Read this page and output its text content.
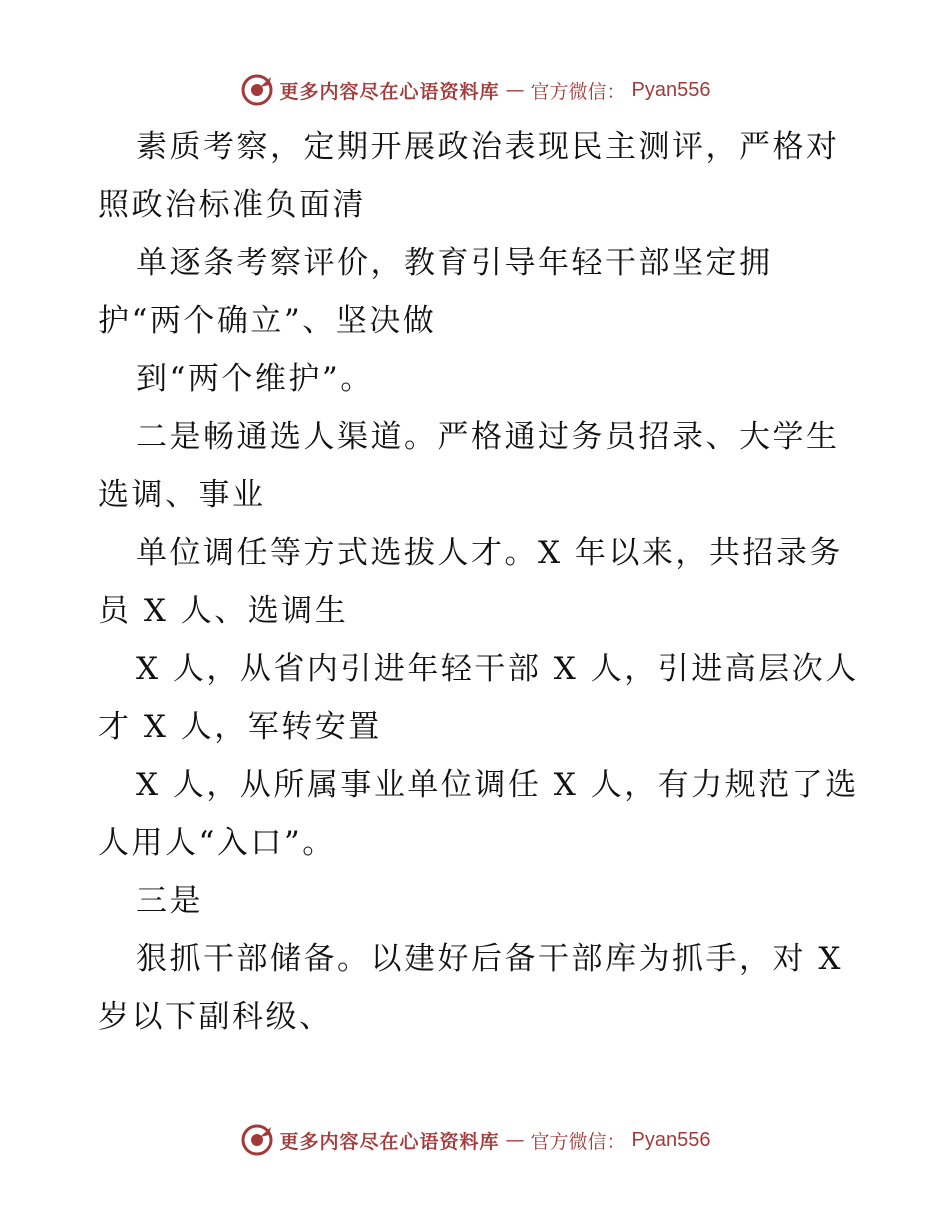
更多内容尽在心语资料库 — 官方微信： Pyan556
素质考察，定期开展政治表现民主测评，严格对
照政治标准负面清
单逐条考察评价，教育引导年轻干部坚定拥
护“两个确立”、坚决做
到“两个维护”。
二是畅通选人渠道。严格通过务员招录、大学生
选调、事业
单位调任等方式选拔人才。X 年以来，共招录务
员 X 人、选调生
X 人，从省内引进年轻干部 X 人，引进高层次人
才 X 人，军转安置
X 人，从所属事业单位调任 X 人，有力规范了选
人用人“入口”。
三是
狠抓干部储备。以建好后备干部库为抓手，对 X
岁以下副科级、
更多内容尽在心语资料库 — 官方微信： Pyan556
